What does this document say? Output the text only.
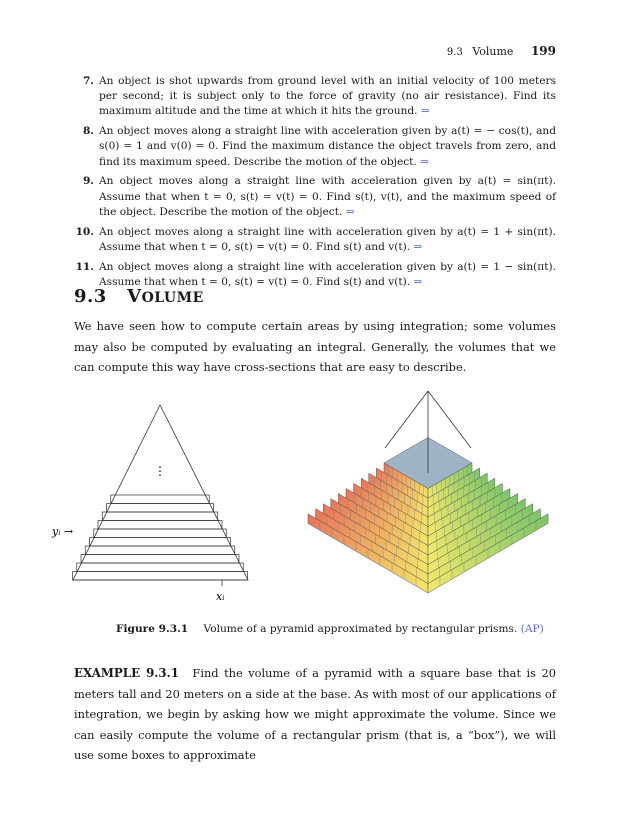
9.3 Volume 199
7. An object is shot upwards from ground level with an initial velocity of 100 meters per second; it is subject only to the force of gravity (no air resistance). Find its maximum altitude and the time at which it hits the ground. ⇒
8. An object moves along a straight line with acceleration given by a(t) = − cos(t), and s(0) = 1 and v(0) = 0. Find the maximum distance the object travels from zero, and find its maximum speed. Describe the motion of the object. ⇒
9. An object moves along a straight line with acceleration given by a(t) = sin(πt). Assume that when t = 0, s(t) = v(t) = 0. Find s(t), v(t), and the maximum speed of the object. Describe the motion of the object. ⇒
10. An object moves along a straight line with acceleration given by a(t) = 1 + sin(πt). Assume that when t = 0, s(t) = v(t) = 0. Find s(t) and v(t). ⇒
11. An object moves along a straight line with acceleration given by a(t) = 1 − sin(πt). Assume that when t = 0, s(t) = v(t) = 0. Find s(t) and v(t). ⇒
9.3 VOLUME

We have seen how to compute certain areas by using integration; some volumes may also be computed by evaluating an integral. Generally, the volumes that we can compute this way have cross-sections that are easy to describe.

⋮
yᵢ →
xᵢ
Figure 9.3.1 Volume of a pyramid approximated by rectangular prisms. (AP)

EXAMPLE 9.3.1 Find the volume of a pyramid with a square base that is 20 meters tall and 20 meters on a side at the base. As with most of our applications of integration, we begin by asking how we might approximate the volume. Since we can easily compute the volume of a rectangular prism (that is, a “box”), we will use some boxes to approximate
